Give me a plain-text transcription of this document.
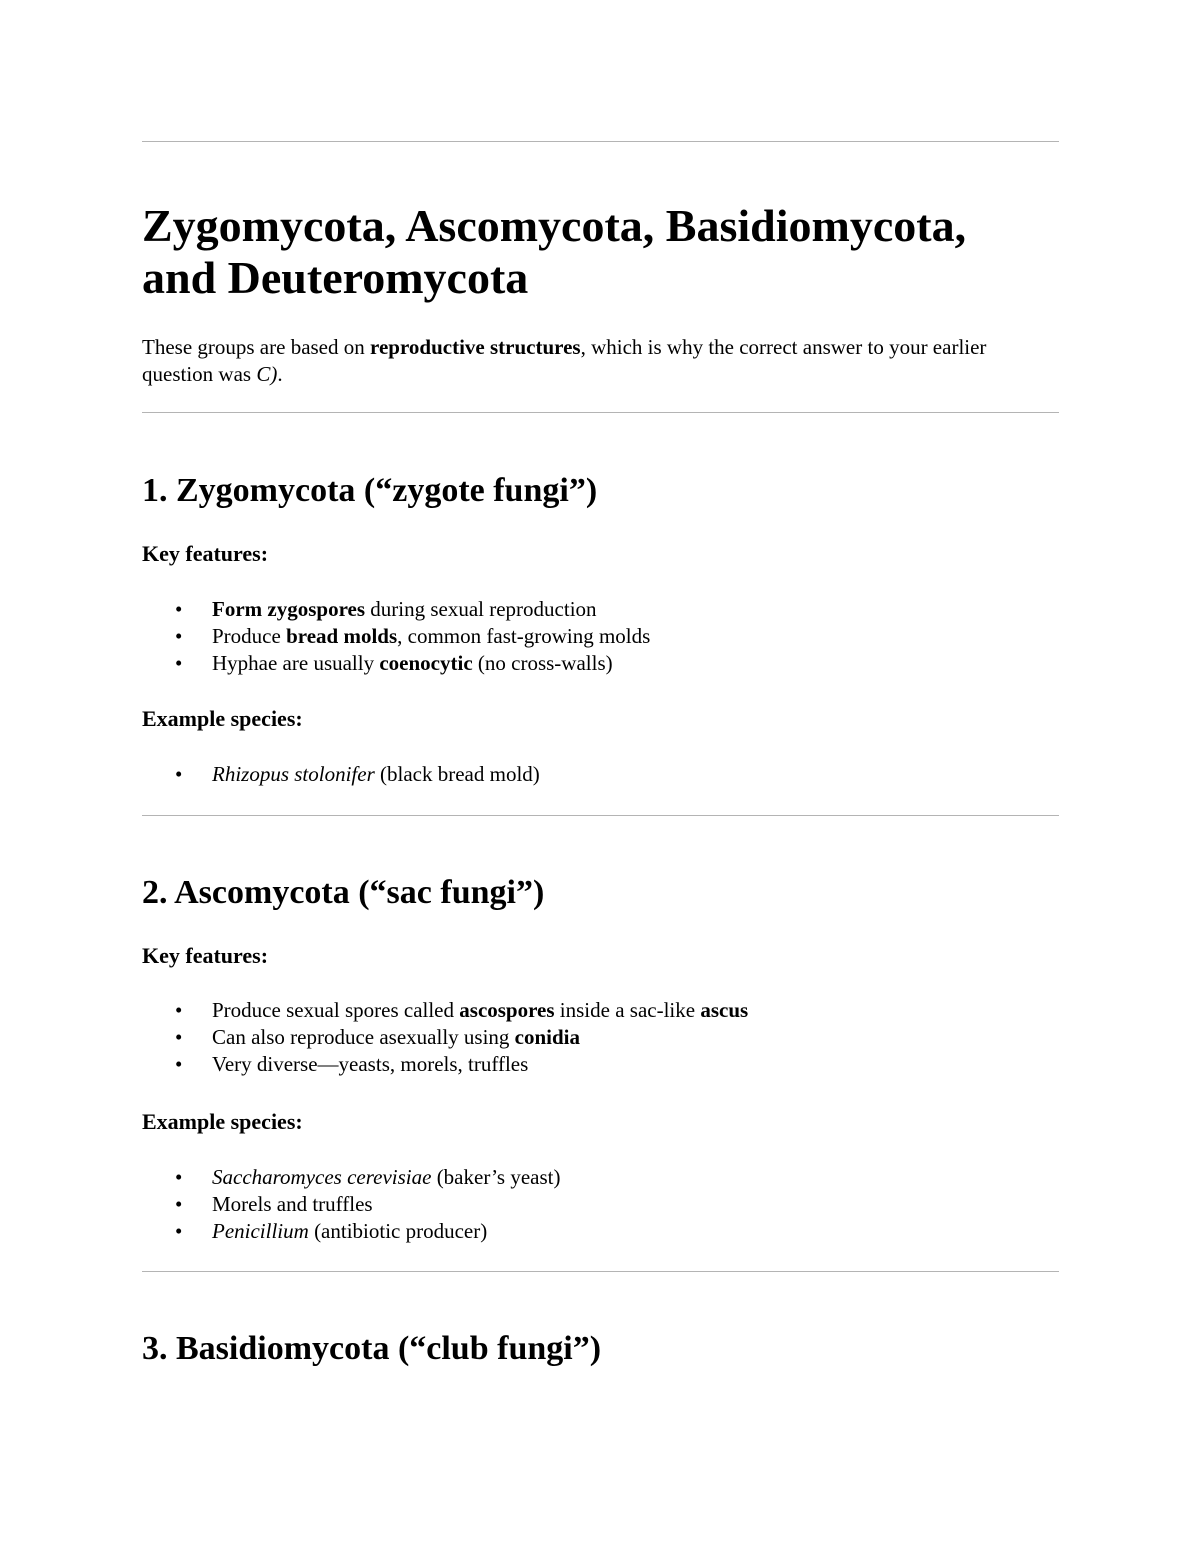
Zygomycota, Ascomycota, Basidiomycota,
and Deuteromycota

These groups are based on reproductive structures, which is why the correct answer to your earlier question was C).

1. Zygomycota (“zygote fungi”)
Key features:
• Form zygospores during sexual reproduction
• Produce bread molds, common fast-growing molds
• Hyphae are usually coenocytic (no cross-walls)
Example species:
• Rhizopus stolonifer (black bread mold)
2. Ascomycota (“sac fungi”)
Key features:
• Produce sexual spores called ascospores inside a sac-like ascus
• Can also reproduce asexually using conidia
• Very diverse—yeasts, morels, truffles
Example species:
• Saccharomyces cerevisiae (baker’s yeast)
• Morels and truffles
• Penicillium (antibiotic producer)
3. Basidiomycota (“club fungi”)
